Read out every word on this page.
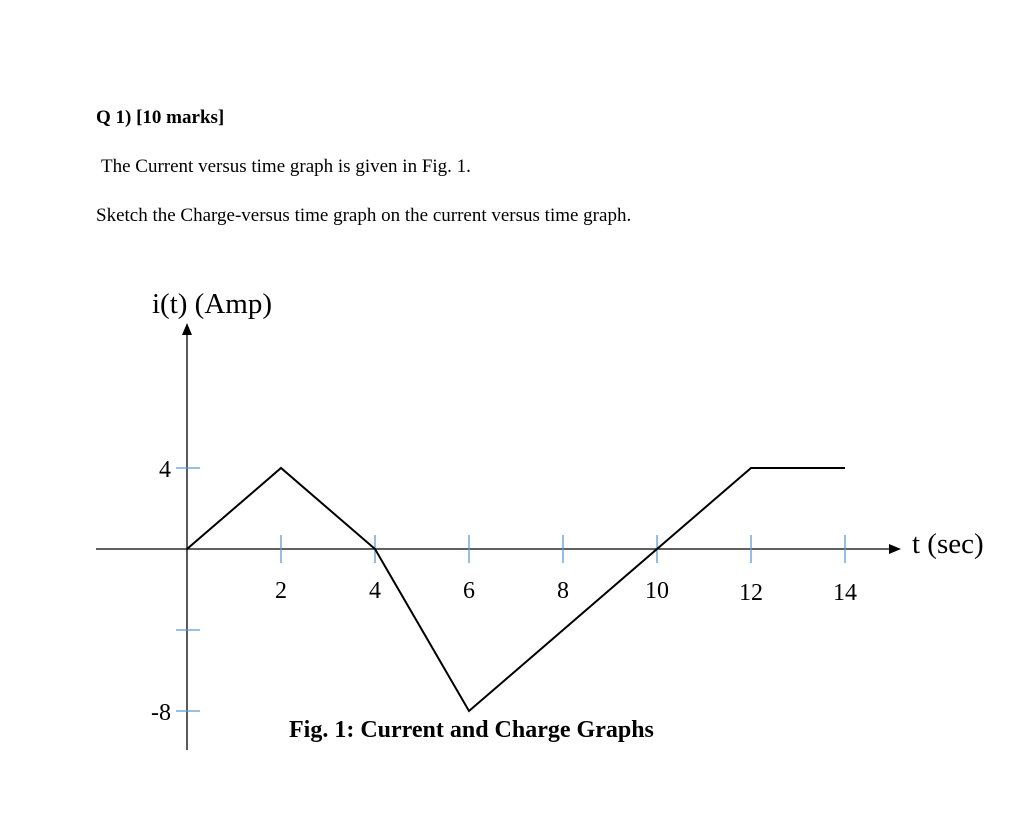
Q 1) [10 marks]
The Current versus time graph is given in Fig. 1.
Sketch the Charge-versus time graph on the current versus time graph.
i(t) (Amp)
t (sec)
2	4	6	8	10	12	14
4
-8
Fig. 1: Current and Charge Graphs
